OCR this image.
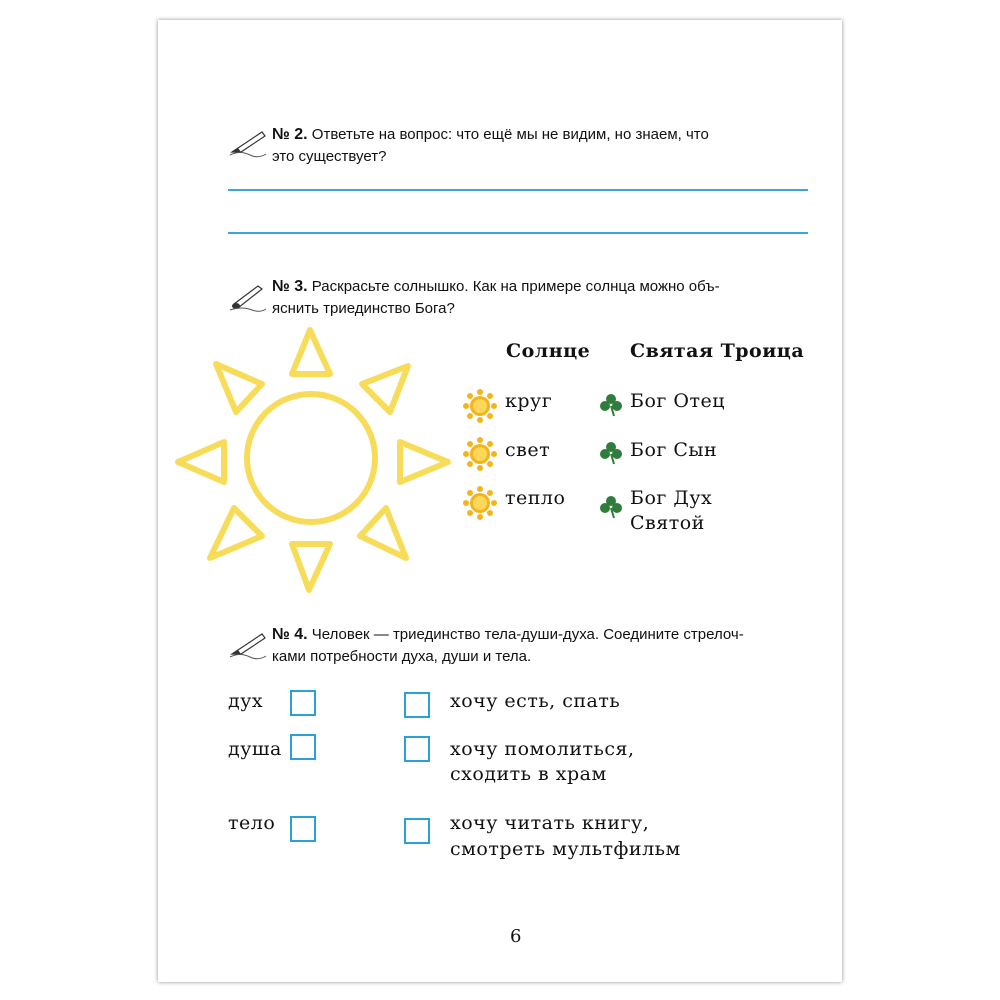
№ 2. Ответьте на вопрос: что ещё мы не видим, но знаем, что
это существует?
№ 3. Раскрасьте солнышко. Как на примере солнца можно объ-
яснить триединство Бога?
Солнце Святая Троица
круг
свет
тепло
Бог Отец
Бог Сын
Бог Дух
Святой
№ 4. Человек — триединство тела-души-духа. Соедините стрелоч-
ками потребности духа, души и тела.
дух
душа
тело
хочу есть, спать
хочу помолиться,
сходить в храм
хочу читать книгу,
смотреть мультфильм
6
